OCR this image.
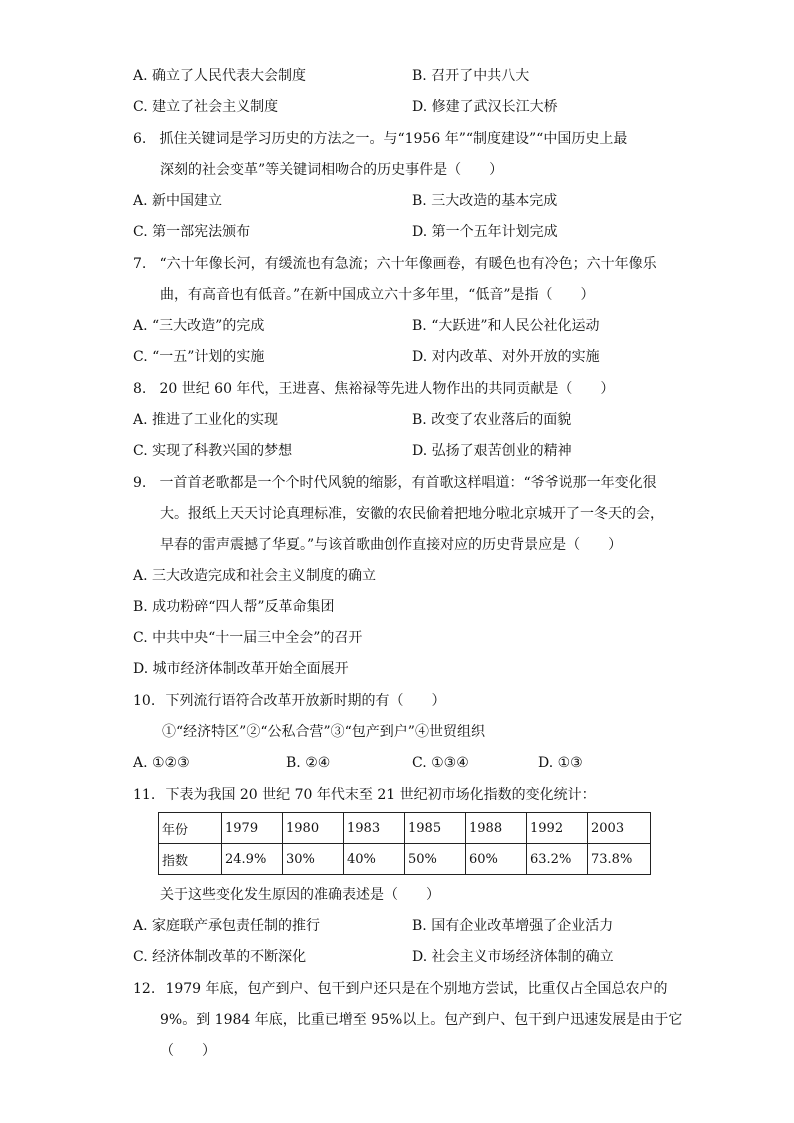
A. 确立了人民代表大会制度	B. 召开了中共八大
C. 建立了社会主义制度	D. 修建了武汉长江大桥
6. 抓住关键词是学习历史的方法之一。与“1956 年”“制度建设”“中国历史上最
深刻的社会变革”等关键词相吻合的历史事件是（　　）
A. 新中国建立	B. 三大改造的基本完成
C. 第一部宪法颁布	D. 第一个五年计划完成
7. “六十年像长河，有缓流也有急流；六十年像画卷，有暖色也有冷色；六十年像乐
曲，有高音也有低音。”在新中国成立六十多年里，“低音”是指（　　）
A. “三大改造”的完成	B. “大跃进”和人民公社化运动
C. “一五”计划的实施	D. 对内改革、对外开放的实施
8. 20 世纪 60 年代，王进喜、焦裕禄等先进人物作出的共同贡献是（　　）
A. 推进了工业化的实现	B. 改变了农业落后的面貌
C. 实现了科教兴国的梦想	D. 弘扬了艰苦创业的精神
9. 一首首老歌都是一个个时代风貌的缩影，有首歌这样唱道：“爷爷说那一年变化很
大。报纸上天天讨论真理标准，安徽的农民偷着把地分啦北京城开了一冬天的会，
早春的雷声震撼了华夏。”与该首歌曲创作直接对应的历史背景应是（　　）
A. 三大改造完成和社会主义制度的确立
B. 成功粉碎“四人帮”反革命集团
C. 中共中央“十一届三中全会”的召开
D. 城市经济体制改革开始全面展开
10. 下列流行语符合改革开放新时期的有（　　）
①“经济特区”②“公私合营”③“包产到户”④世贸组织
A. ①②③	B. ②④	C. ①③④	D. ①③
11. 下表为我国 20 世纪 70 年代末至 21 世纪初市场化指数的变化统计：
年份	1979	1980	1983	1985	1988	1992	2003
指数	24.9%	30%	40%	50%	60%	63.2%	73.8%
关于这些变化发生原因的准确表述是（　　）
A. 家庭联产承包责任制的推行	B. 国有企业改革增强了企业活力
C. 经济体制改革的不断深化	D. 社会主义市场经济体制的确立
12. 1979 年底，包产到户、包干到户还只是在个别地方尝试，比重仅占全国总农户的
9%。到 1984 年底，比重已增至 95%以上。包产到户、包干到户迅速发展是由于它
（　　）
